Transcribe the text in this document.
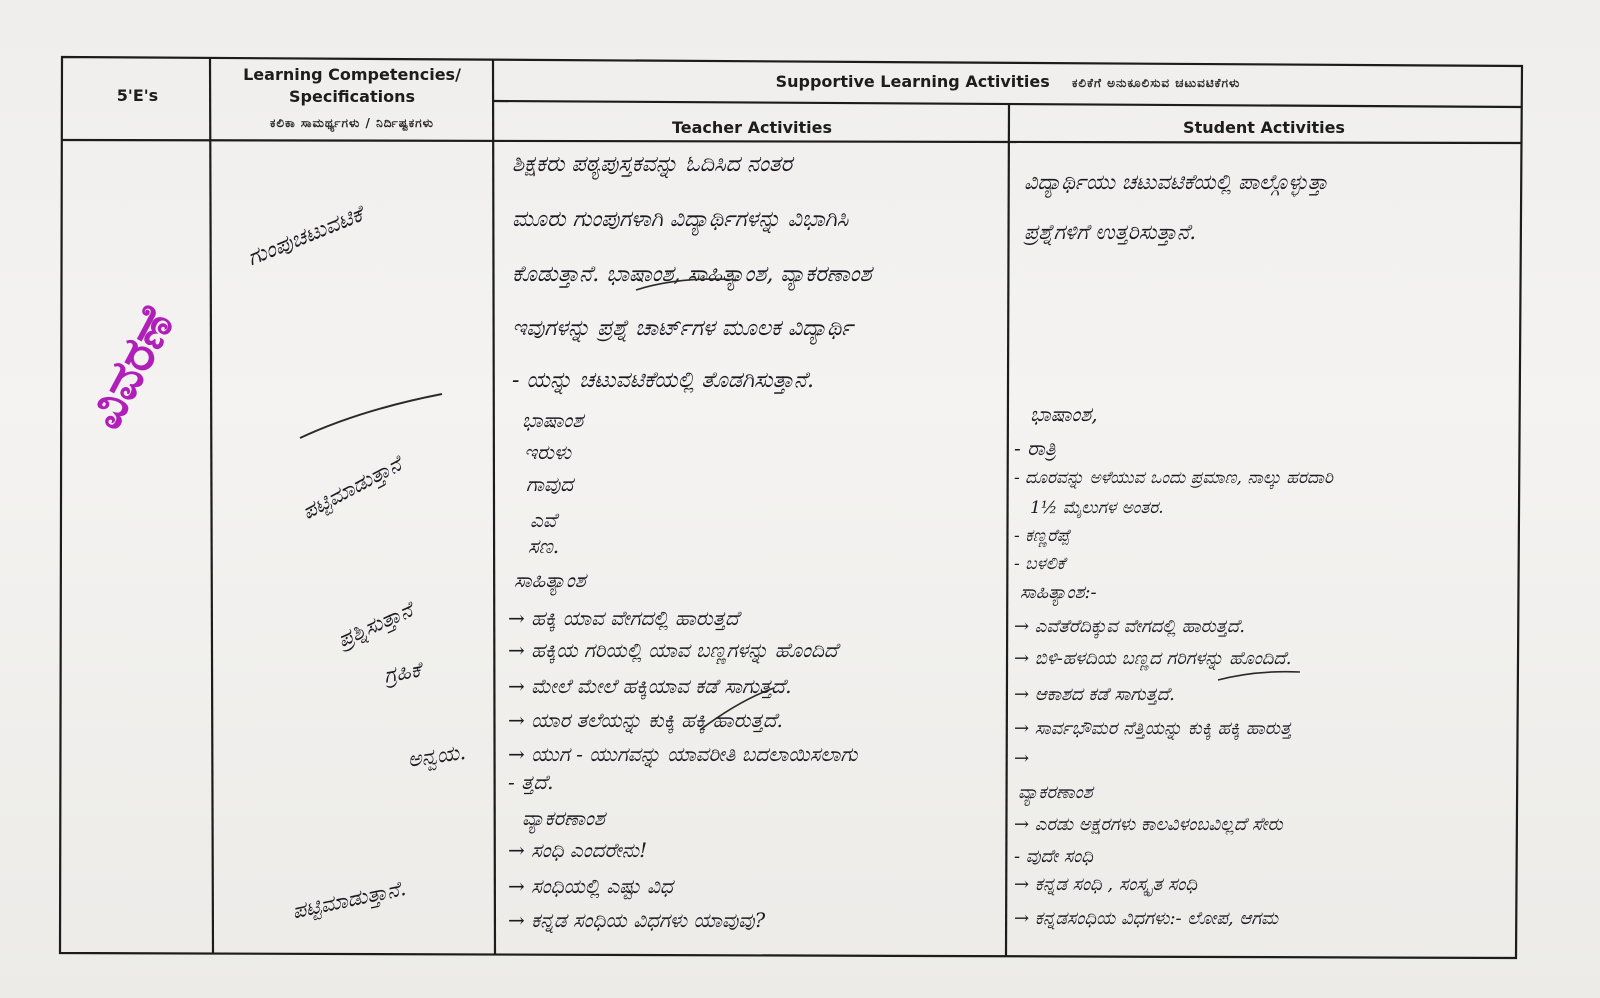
5'E's
Learning Competencies/
Specifications
ಕಲಿಕಾ ಸಾಮರ್ಥ್ಯಗಳು / ನಿರ್ದಿಷ್ಟಕಗಳು
Supportive Learning Activities ಕಲಿಕೆಗೆ ಅನುಕೂಲಿಸುವ ಚಟುವಟಿಕೆಗಳು
Teacher Activities	Student Activities
ವಿವರಣೆ
ಗುಂಪುಚಟುವಟಿಕೆ
ಪಟ್ಟಿಮಾಡುತ್ತಾನೆ
ಪ್ರಶ್ನಿಸುತ್ತಾನೆ
ಗ್ರಹಿಕೆ
ಅನ್ವಯ.
ಪಟ್ಟಿಮಾಡುತ್ತಾನೆ.
ಶಿಕ್ಷಕರು ಪಠ್ಯಪುಸ್ತಕವನ್ನು ಓದಿಸಿದ ನಂತರ
ಮೂರು ಗುಂಪುಗಳಾಗಿ ವಿದ್ಯಾರ್ಥಿಗಳನ್ನು ವಿಭಾಗಿಸಿ
ಕೊಡುತ್ತಾನೆ. ಭಾಷಾಂಶ, ಸಾಹಿತ್ಯಾಂಶ, ವ್ಯಾಕರಣಾಂಶ
ಇವುಗಳನ್ನು ಪ್ರಶ್ನೆ ಚಾರ್ಟ್‌ಗಳ ಮೂಲಕ ವಿದ್ಯಾರ್ಥಿ
- ಯನ್ನು ಚಟುವಟಿಕೆಯಲ್ಲಿ ತೊಡಗಿಸುತ್ತಾನೆ.
ಭಾಷಾಂಶ
ಇರುಳು
ಗಾವುದ
ಎವೆ
ಸಣ.
ಸಾಹಿತ್ಯಾಂಶ
→ ಹಕ್ಕಿ ಯಾವ ವೇಗದಲ್ಲಿ ಹಾರುತ್ತದೆ
→ ಹಕ್ಕಿಯ ಗರಿಯಲ್ಲಿ ಯಾವ ಬಣ್ಣಗಳನ್ನು ಹೊಂದಿದೆ
→ ಮೇಲೆ ಮೇಲೆ ಹಕ್ಕಿಯಾವ ಕಡೆ ಸಾಗುತ್ತದೆ.
→ ಯಾರ ತಲೆಯನ್ನು ಕುಕ್ಕಿ ಹಕ್ಕಿ ಹಾರುತ್ತದೆ.
→ ಯುಗ - ಯುಗವನ್ನು ಯಾವರೀತಿ ಬದಲಾಯಿಸಲಾಗು
- ತ್ತದೆ.
ವ್ಯಾಕರಣಾಂಶ
→ ಸಂಧಿ ಎಂದರೇನು!
→ ಸಂಧಿಯಲ್ಲಿ ಎಷ್ಟು ವಿಧ
→ ಕನ್ನಡ ಸಂಧಿಯ ವಿಧಗಳು ಯಾವುವು?
ವಿದ್ಯಾರ್ಥಿಯು ಚಟುವಟಿಕೆಯಲ್ಲಿ ಪಾಲ್ಗೊಳ್ಳುತ್ತಾ
ಪ್ರಶ್ನೆಗಳಿಗೆ ಉತ್ತರಿಸುತ್ತಾನೆ.
ಭಾಷಾಂಶ,
- ರಾತ್ರಿ
- ದೂರವನ್ನು ಅಳೆಯುವ ಒಂದು ಪ್ರಮಾಣ, ನಾಲ್ಕು ಹರದಾರಿ
1½ ಮೈಲುಗಳ ಅಂತರ.
- ಕಣ್ಣರೆಪ್ಪೆ
- ಬಳಲಿಕೆ
ಸಾಹಿತ್ಯಾಂಶ:-
→ ಎವೆತೆರೆದಿಕ್ಕುವ ವೇಗದಲ್ಲಿ ಹಾರುತ್ತದೆ.
→ ಬಿಳಿ-ಹಳದಿಯ ಬಣ್ಣದ ಗರಿಗಳನ್ನು ಹೊಂದಿದೆ.
→ ಆಕಾಶದ ಕಡೆ ಸಾಗುತ್ತದೆ.
→ ಸಾರ್ವಭೌಮರ ನೆತ್ತಿಯನ್ನು ಕುಕ್ಕಿ ಹಕ್ಕಿ ಹಾರುತ್ತ
→
ವ್ಯಾಕರಣಾಂಶ
→ ಎರಡು ಅಕ್ಷರಗಳು ಕಾಲವಿಳಂಬವಿಲ್ಲದೆ ಸೇರು
- ವುದೇ ಸಂಧಿ
→ ಕನ್ನಡ ಸಂಧಿ , ಸಂಸ್ಕೃತ ಸಂಧಿ
→ ಕನ್ನಡಸಂಧಿಯ ವಿಧಗಳು:- ಲೋಪ, ಆಗಮ
